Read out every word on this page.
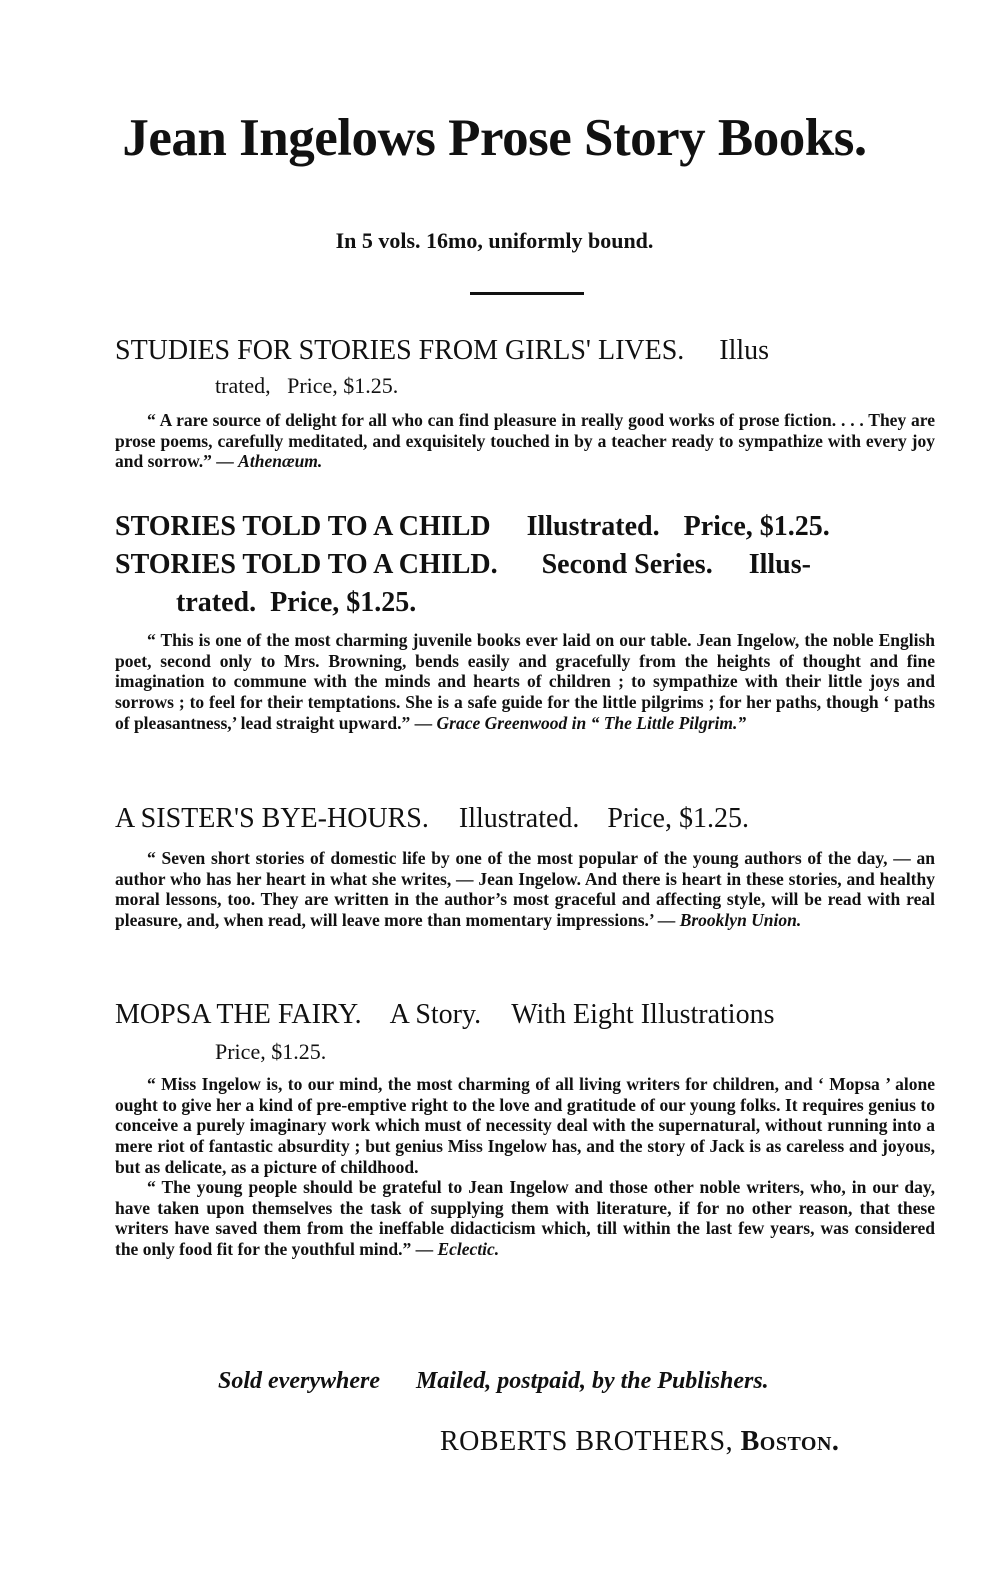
Jean Ingelows Prose Story Books.
In 5 vols. 16mo, uniformly bound.
STUDIES FOR STORIES FROM GIRLS' LIVES. Illus
trated, Price, $1.25.

“ A rare source of delight for all who can find pleasure in really good works of prose fiction. . . . They are prose poems, carefully meditated, and exquisitely touched in by a teacher ready to sympathize with every joy and sorrow.” — Athenæum.

STORIES TOLD TO A CHILD Illustrated. Price, $1.25.
STORIES TOLD TO A CHILD. Second Series. Illus-
trated. Price, $1.25.

“ This is one of the most charming juvenile books ever laid on our table. Jean Ingelow, the noble English poet, second only to Mrs. Browning, bends easily and gracefully from the heights of thought and fine imagination to commune with the minds and hearts of children ; to sympathize with their little joys and sorrows ; to feel for their temptations. She is a safe guide for the little pilgrims ; for her paths, though ‘ paths of pleasantness,’ lead straight upward.” — Grace Greenwood in “ The Little Pilgrim.”

A SISTER'S BYE-HOURS. Illustrated. Price, $1.25.

“ Seven short stories of domestic life by one of the most popular of the young authors of the day, — an author who has her heart in what she writes, — Jean Ingelow. And there is heart in these stories, and healthy moral lessons, too. They are written in the author’s most graceful and affecting style, will be read with real pleasure, and, when read, will leave more than momentary impressions.’ — Brooklyn Union.

MOPSA THE FAIRY. A Story. With Eight Illustrations
Price, $1.25.

“ Miss Ingelow is, to our mind, the most charming of all living writers for children, and ‘ Mopsa ’ alone ought to give her a kind of pre-emptive right to the love and gratitude of our young folks. It requires genius to conceive a purely imaginary work which must of necessity deal with the supernatural, without running into a mere riot of fantastic absurdity ; but genius Miss Ingelow has, and the story of Jack is as careless and joyous, but as delicate, as a picture of childhood.

“ The young people should be grateful to Jean Ingelow and those other noble writers, who, in our day, have taken upon themselves the task of supplying them with literature, if for no other reason, that these writers have saved them from the ineffable didacticism which, till within the last few years, was considered the only food fit for the youthful mind.” — Eclectic.

Sold everywhere Mailed, postpaid, by the Publishers.
ROBERTS BROTHERS, Boston.
